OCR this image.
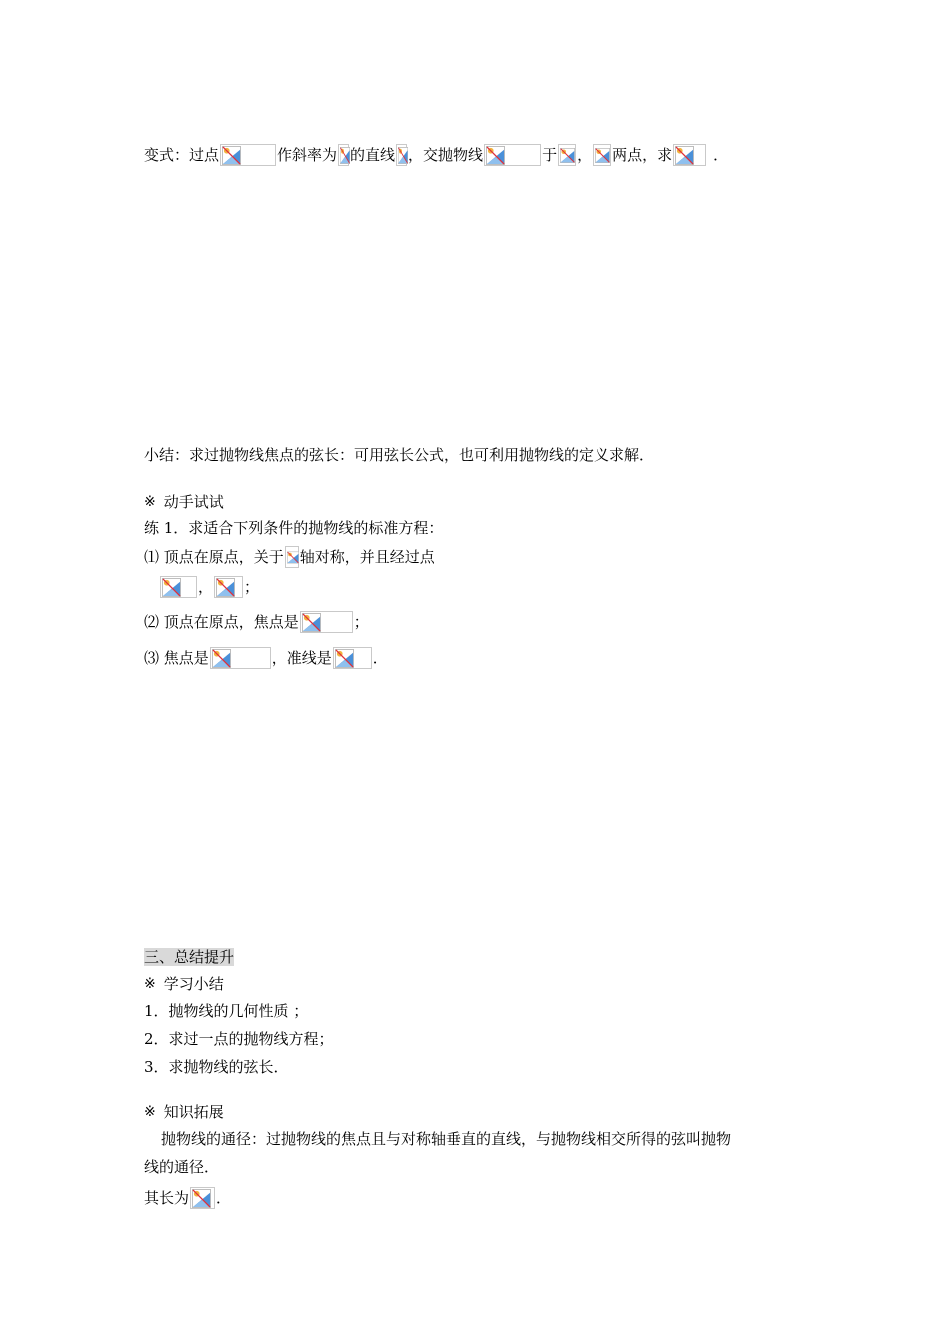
变式：过点	作斜率为 的直线 ，交抛物线	于 ， 两点，求	．
小结：求过抛物线焦点的弦长：可用弦长公式，也可利用抛物线的定义求解．
※ 动手试试
练 1．求适合下列条件的抛物线的标准方程：
⑴ 顶点在原点，关于 轴对称，并且经过点
， ；
⑵ 顶点在原点，焦点是	；
⑶ 焦点是	，准线是	．
三、总结提升
※ 学习小结
1．抛物线的几何性质 ；
2．求过一点的抛物线方程；
3．求抛物线的弦长．
※ 知识拓展
抛物线的通径：过抛物线的焦点且与对称轴垂直的直线，与抛物线相交所得的弦叫抛物
线的通径．
其长为 ．
